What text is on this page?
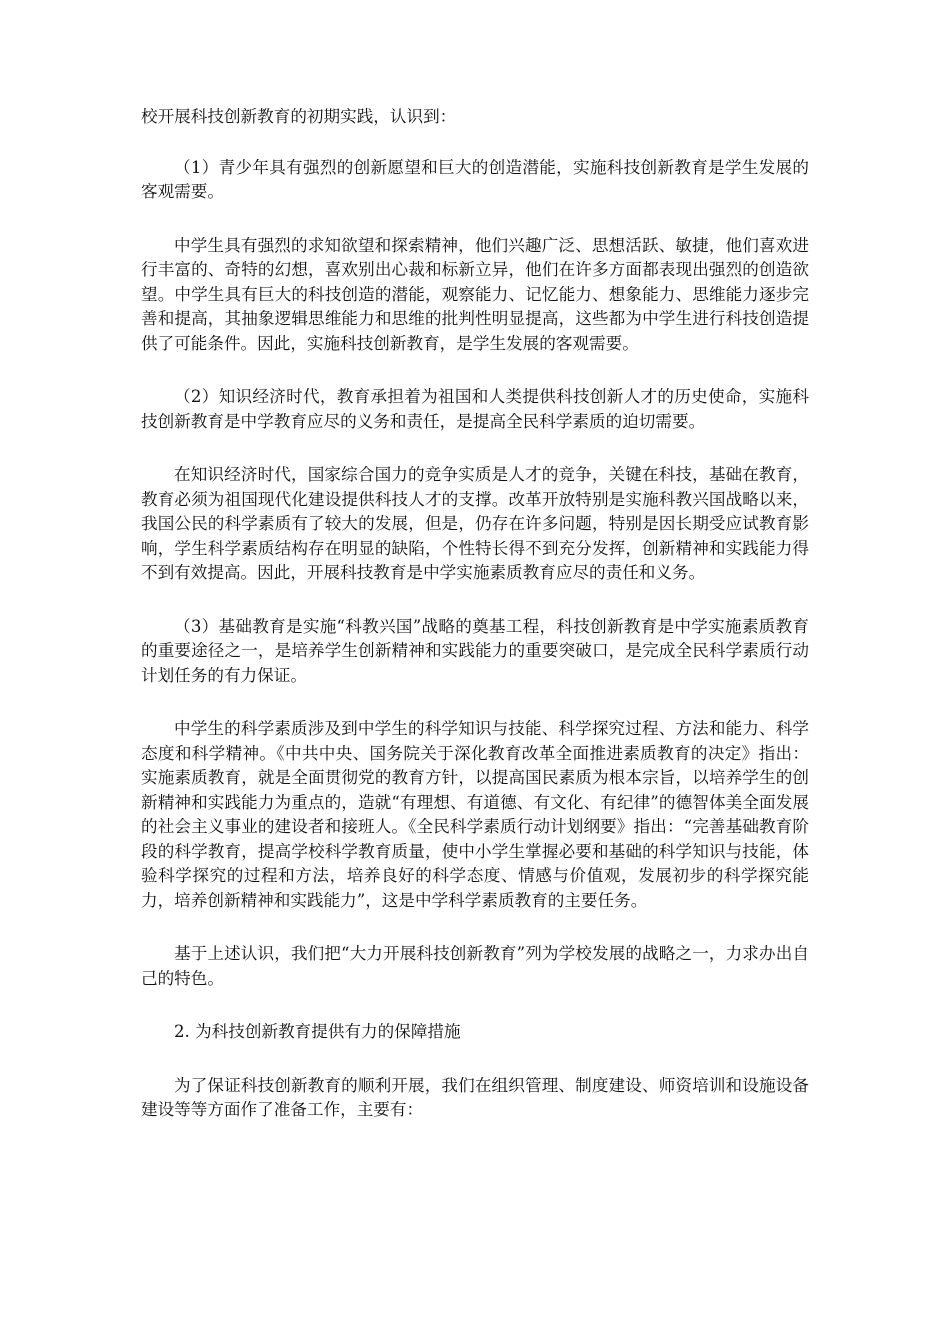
校开展科技创新教育的初期实践，认识到：

（1）青少年具有强烈的创新愿望和巨大的创造潜能，实施科技创新教育是学生发展的客观需要。

中学生具有强烈的求知欲望和探索精神，他们兴趣广泛、思想活跃、敏捷，他们喜欢进行丰富的、奇特的幻想，喜欢别出心裁和标新立异，他们在许多方面都表现出强烈的创造欲望。中学生具有巨大的科技创造的潜能，观察能力、记忆能力、想象能力、思维能力逐步完善和提高，其抽象逻辑思维能力和思维的批判性明显提高，这些都为中学生进行科技创造提供了可能条件。因此，实施科技创新教育，是学生发展的客观需要。

（2）知识经济时代，教育承担着为祖国和人类提供科技创新人才的历史使命，实施科技创新教育是中学教育应尽的义务和责任，是提高全民科学素质的迫切需要。

在知识经济时代，国家综合国力的竞争实质是人才的竞争，关键在科技，基础在教育，教育必须为祖国现代化建设提供科技人才的支撑。改革开放特别是实施科教兴国战略以来，我国公民的科学素质有了较大的发展，但是，仍存在许多问题，特别是因长期受应试教育影响，学生科学素质结构存在明显的缺陷，个性特长得不到充分发挥，创新精神和实践能力得不到有效提高。因此，开展科技教育是中学实施素质教育应尽的责任和义务。

（3）基础教育是实施“科教兴国”战略的奠基工程，科技创新教育是中学实施素质教育的重要途径之一，是培养学生创新精神和实践能力的重要突破口，是完成全民科学素质行动计划任务的有力保证。

中学生的科学素质涉及到中学生的科学知识与技能、科学探究过程、方法和能力、科学态度和科学精神。《中共中央、国务院关于深化教育改革全面推进素质教育的决定》指出：实施素质教育，就是全面贯彻党的教育方针，以提高国民素质为根本宗旨，以培养学生的创新精神和实践能力为重点的，造就“有理想、有道德、有文化、有纪律”的德智体美全面发展的社会主义事业的建设者和接班人。《全民科学素质行动计划纲要》指出：“完善基础教育阶段的科学教育，提高学校科学教育质量，使中小学生掌握必要和基础的科学知识与技能，体验科学探究的过程和方法，培养良好的科学态度、情感与价值观，发展初步的科学探究能力，培养创新精神和实践能力”，这是中学科学素质教育的主要任务。

基于上述认识，我们把“大力开展科技创新教育”列为学校发展的战略之一，力求办出自己的特色。

2. 为科技创新教育提供有力的保障措施

为了保证科技创新教育的顺利开展，我们在组织管理、制度建设、师资培训和设施设备建设等等方面作了准备工作，主要有：
